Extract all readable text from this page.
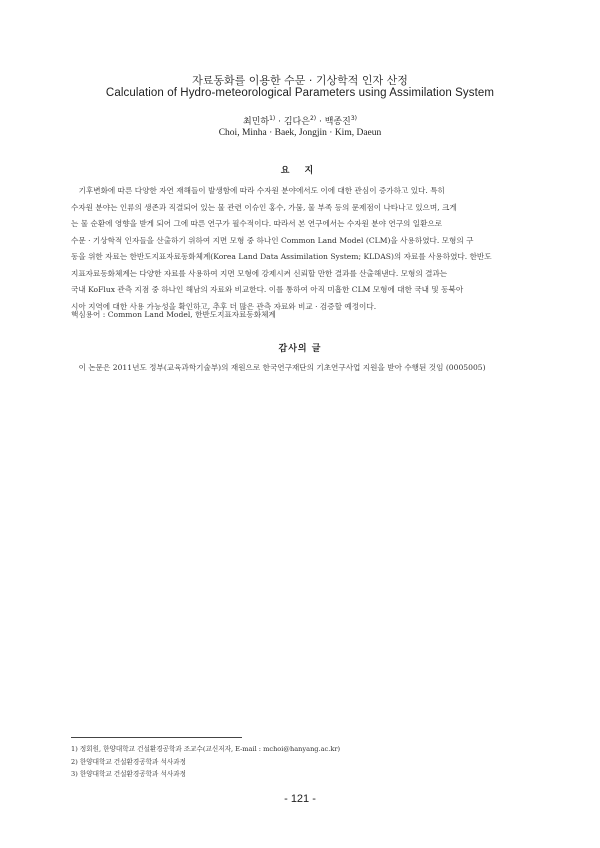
자료동화를 이용한 수문 · 기상학적 인자 산정
Calculation of Hydro-meteorological Parameters using Assimilation System
최민하$^{1)}$ · 김다은$^{2)}$ · 백종진$^{3)}$
Choi, Minha · Baek, Jongjin · Kim, Daeun
요 지
　기후변화에 따른 다양한 자연 재해들이 발생함에 따라 수자원 분야에서도 이에 대한 관심이 증가하고 있다. 특히
수자원 분야는 인류의 생존과 직결되어 있는 물 관련 이슈인 홍수, 가뭄, 물 부족 등의 문제점이 나타나고 있으며, 크게
는 물 순환에 영향을 받게 되어 그에 따른 연구가 필수적이다. 따라서 본 연구에서는 수자원 분야 연구의 일환으로
수문 · 기상학적 인자들을 산출하기 위하여 지면 모형 중 하나인 Common Land Model (CLM)을 사용하였다. 모형의 구
동을 위한 자료는 한반도지표자료동화체계(Korea Land Data Assimilation System; KLDAS)의 자료를 사용하였다. 한반도
지표자료동화체계는 다양한 자료를 사용하여 지면 모형에 강제시켜 신뢰할 만한 결과를 산출해낸다. 모형의 결과는
국내 KoFlux 관측 지점 중 하나인 해남의 자료와 비교한다. 이를 통하여 아직 미흡한 CLM 모형에 대한 국내 및 동북아
시아 지역에 대한 사용 가능성을 확인하고, 추후 더 많은 관측 자료와 비교 · 검증할 예정이다.
핵심용어 : Common Land Model, 한반도지표자료동화체계
감사의 글
　이 논문은 2011년도 정부(교육과학기술부)의 재원으로 한국연구재단의 기초연구사업 지원을 받아 수행된 것임 (0005005)
1) 정회원, 한양대학교 건설환경공학과 조교수(교신저자, E-mail : mchoi@hanyang.ac.kr)
2) 한양대학교 건설환경공학과 석사과정
3) 한양대학교 건설환경공학과 석사과정
- 121 -
